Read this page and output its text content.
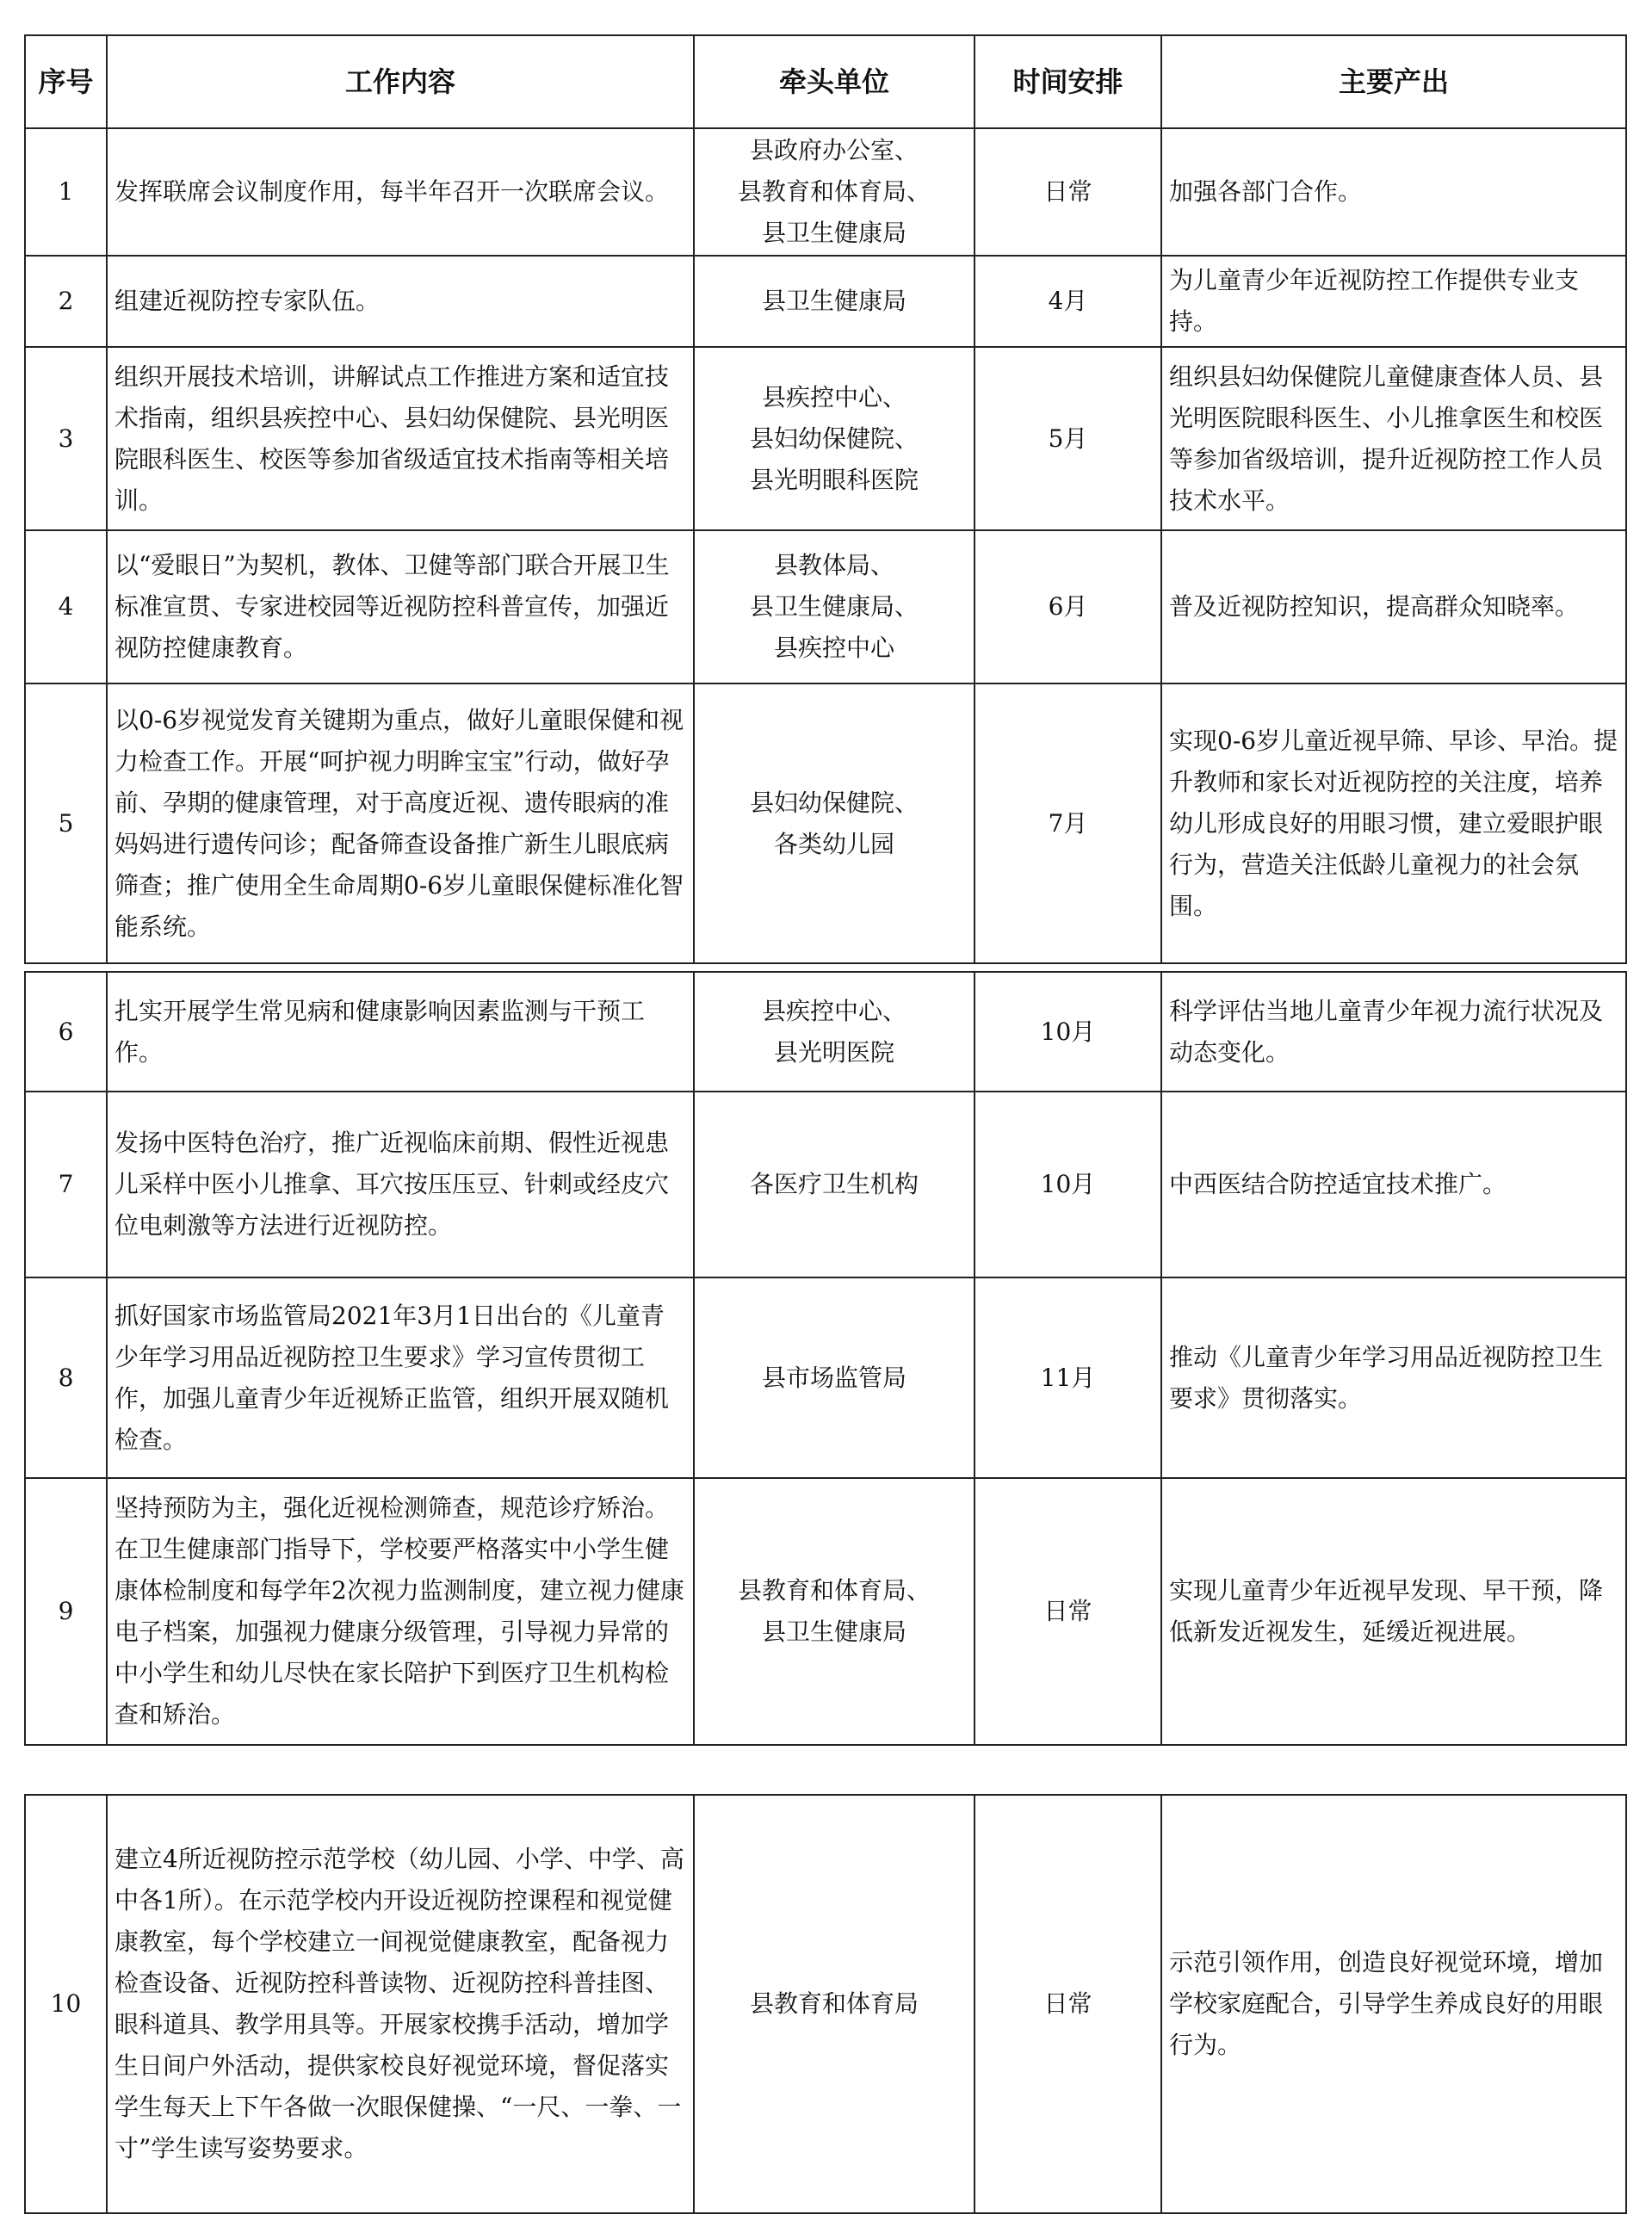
序号	工作内容	牵头单位	时间安排	主要产出
1	发挥联席会议制度作用，每半年召开一次联席会议。	县政府办公室、
县教育和体育局、
县卫生健康局	日常	加强各部门合作。
2	组建近视防控专家队伍。	县卫生健康局	4月	为儿童青少年近视防控工作提供专业支持。
3	组织开展技术培训，讲解试点工作推进方案和适宜技术指南，组织县疾控中心、县妇幼保健院、县光明医院眼科医生、校医等参加省级适宜技术指南等相关培训。	县疾控中心、
县妇幼保健院、
县光明眼科医院	5月	组织县妇幼保健院儿童健康查体人员、县光明医院眼科医生、小儿推拿医生和校医等参加省级培训，提升近视防控工作人员技术水平。
4	以“爱眼日”为契机，教体、卫健等部门联合开展卫生标准宣贯、专家进校园等近视防控科普宣传，加强近视防控健康教育。	县教体局、
县卫生健康局、
县疾控中心	6月	普及近视防控知识，提高群众知晓率。
5	以0-6岁视觉发育关键期为重点，做好儿童眼保健和视力检查工作。开展“呵护视力明眸宝宝”行动，做好孕前、孕期的健康管理，对于高度近视、遗传眼病的准妈妈进行遗传问诊；配备筛查设备推广新生儿眼底病筛查；推广使用全生命周期0-6岁儿童眼保健标准化智能系统。	县妇幼保健院、
各类幼儿园	7月	实现0-6岁儿童近视早筛、早诊、早治。提升教师和家长对近视防控的关注度，培养幼儿形成良好的用眼习惯，建立爱眼护眼行为，营造关注低龄儿童视力的社会氛围。
6	扎实开展学生常见病和健康影响因素监测与干预工作。	县疾控中心、
县光明医院	10月	科学评估当地儿童青少年视力流行状况及动态变化。
7	发扬中医特色治疗，推广近视临床前期、假性近视患儿采样中医小儿推拿、耳穴按压压豆、针刺或经皮穴位电刺激等方法进行近视防控。	各医疗卫生机构	10月	中西医结合防控适宜技术推广。
8	抓好国家市场监管局2021年3月1日出台的《儿童青少年学习用品近视防控卫生要求》学习宣传贯彻工作，加强儿童青少年近视矫正监管，组织开展双随机检查。	县市场监管局	11月	推动《儿童青少年学习用品近视防控卫生要求》贯彻落实。
9	坚持预防为主，强化近视检测筛查，规范诊疗矫治。在卫生健康部门指导下，学校要严格落实中小学生健康体检制度和每学年2次视力监测制度，建立视力健康电子档案，加强视力健康分级管理，引导视力异常的中小学生和幼儿尽快在家长陪护下到医疗卫生机构检查和矫治。	县教育和体育局、
县卫生健康局	日常	实现儿童青少年近视早发现、早干预，降低新发近视发生，延缓近视进展。
10	建立4所近视防控示范学校（幼儿园、小学、中学、高中各1所）。在示范学校内开设近视防控课程和视觉健康教室，每个学校建立一间视觉健康教室，配备视力检查设备、近视防控科普读物、近视防控科普挂图、眼科道具、教学用具等。开展家校携手活动，增加学生日间户外活动，提供家校良好视觉环境，督促落实学生每天上下午各做一次眼保健操、“一尺、一拳、一寸”学生读写姿势要求。	县教育和体育局	日常	示范引领作用，创造良好视觉环境，增加学校家庭配合，引导学生养成良好的用眼行为。
